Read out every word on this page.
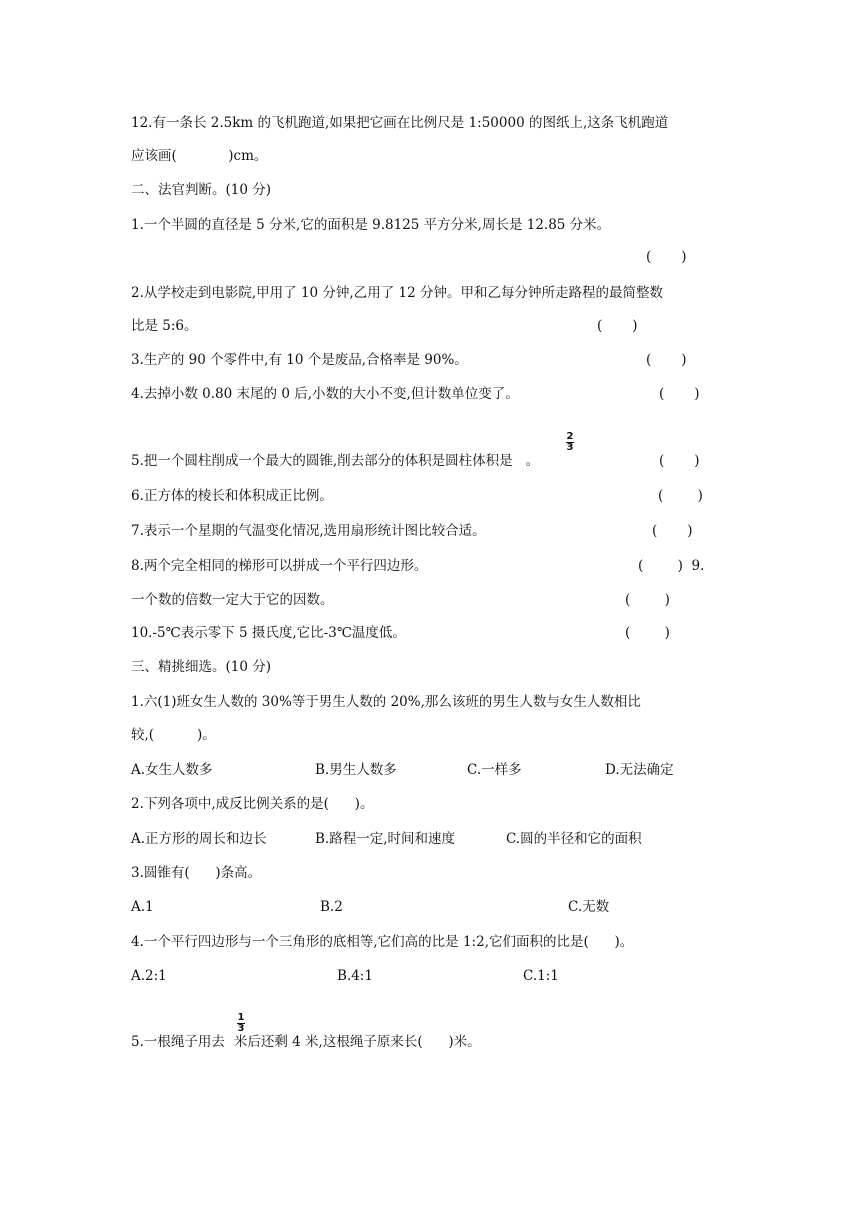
12.有一条长 2.5km 的飞机跑道,如果把它画在比例尺是 1:50000 的图纸上,这条飞机跑道
应该画(            )cm。
二、法官判断。(10 分)
1.一个半圆的直径是 5 分米,它的面积是 9.8125 平方分米,周长是 12.85 分米。
(       )
2.从学校走到电影院,甲用了 10 分钟,乙用了 12 分钟。甲和乙每分钟所走路程的最简整数
比是 5:6。	(       )
3.生产的 90 个零件中,有 10 个是废品,合格率是 90%。	(       )
4.去掉小数 0.80 末尾的 0 后,小数的大小不变,但计数单位变了。	(       )
5.把一个圆柱削成一个最大的圆锥,削去部分的体积是圆柱体积是 。
2
3
(       )
6.正方体的棱长和体积成正比例。	(        )
7.表示一个星期的气温变化情况,选用扇形统计图比较合适。	(       )
8.两个完全相同的梯形可以拼成一个平行四边形。	(        )  9.
一个数的倍数一定大于它的因数。	(        )
10.-5℃表示零下 5 摄氏度,它比-3℃温度低。	(        )
三、精挑细选。(10 分)
1.六(1)班女生人数的 30%等于男生人数的 20%,那么该班的男生人数与女生人数相比
较,(          )。
A.女生人数多	B.男生人数多	C.一样多	D.无法确定
2.下列各项中,成反比例关系的是(      )。
A.正方形的周长和边长	B.路程一定,时间和速度	C.圆的半径和它的面积
3.圆锥有(      )条高。
A.1	B.2	C.无数
4.一个平行四边形与一个三角形的底相等,它们高的比是 1:2,它们面积的比是(      )。
A.2:1	B.4:1	C.1:1
5.一根绳子用去 米后还剩 4 米,这根绳子原来长(      )米。
1
3
